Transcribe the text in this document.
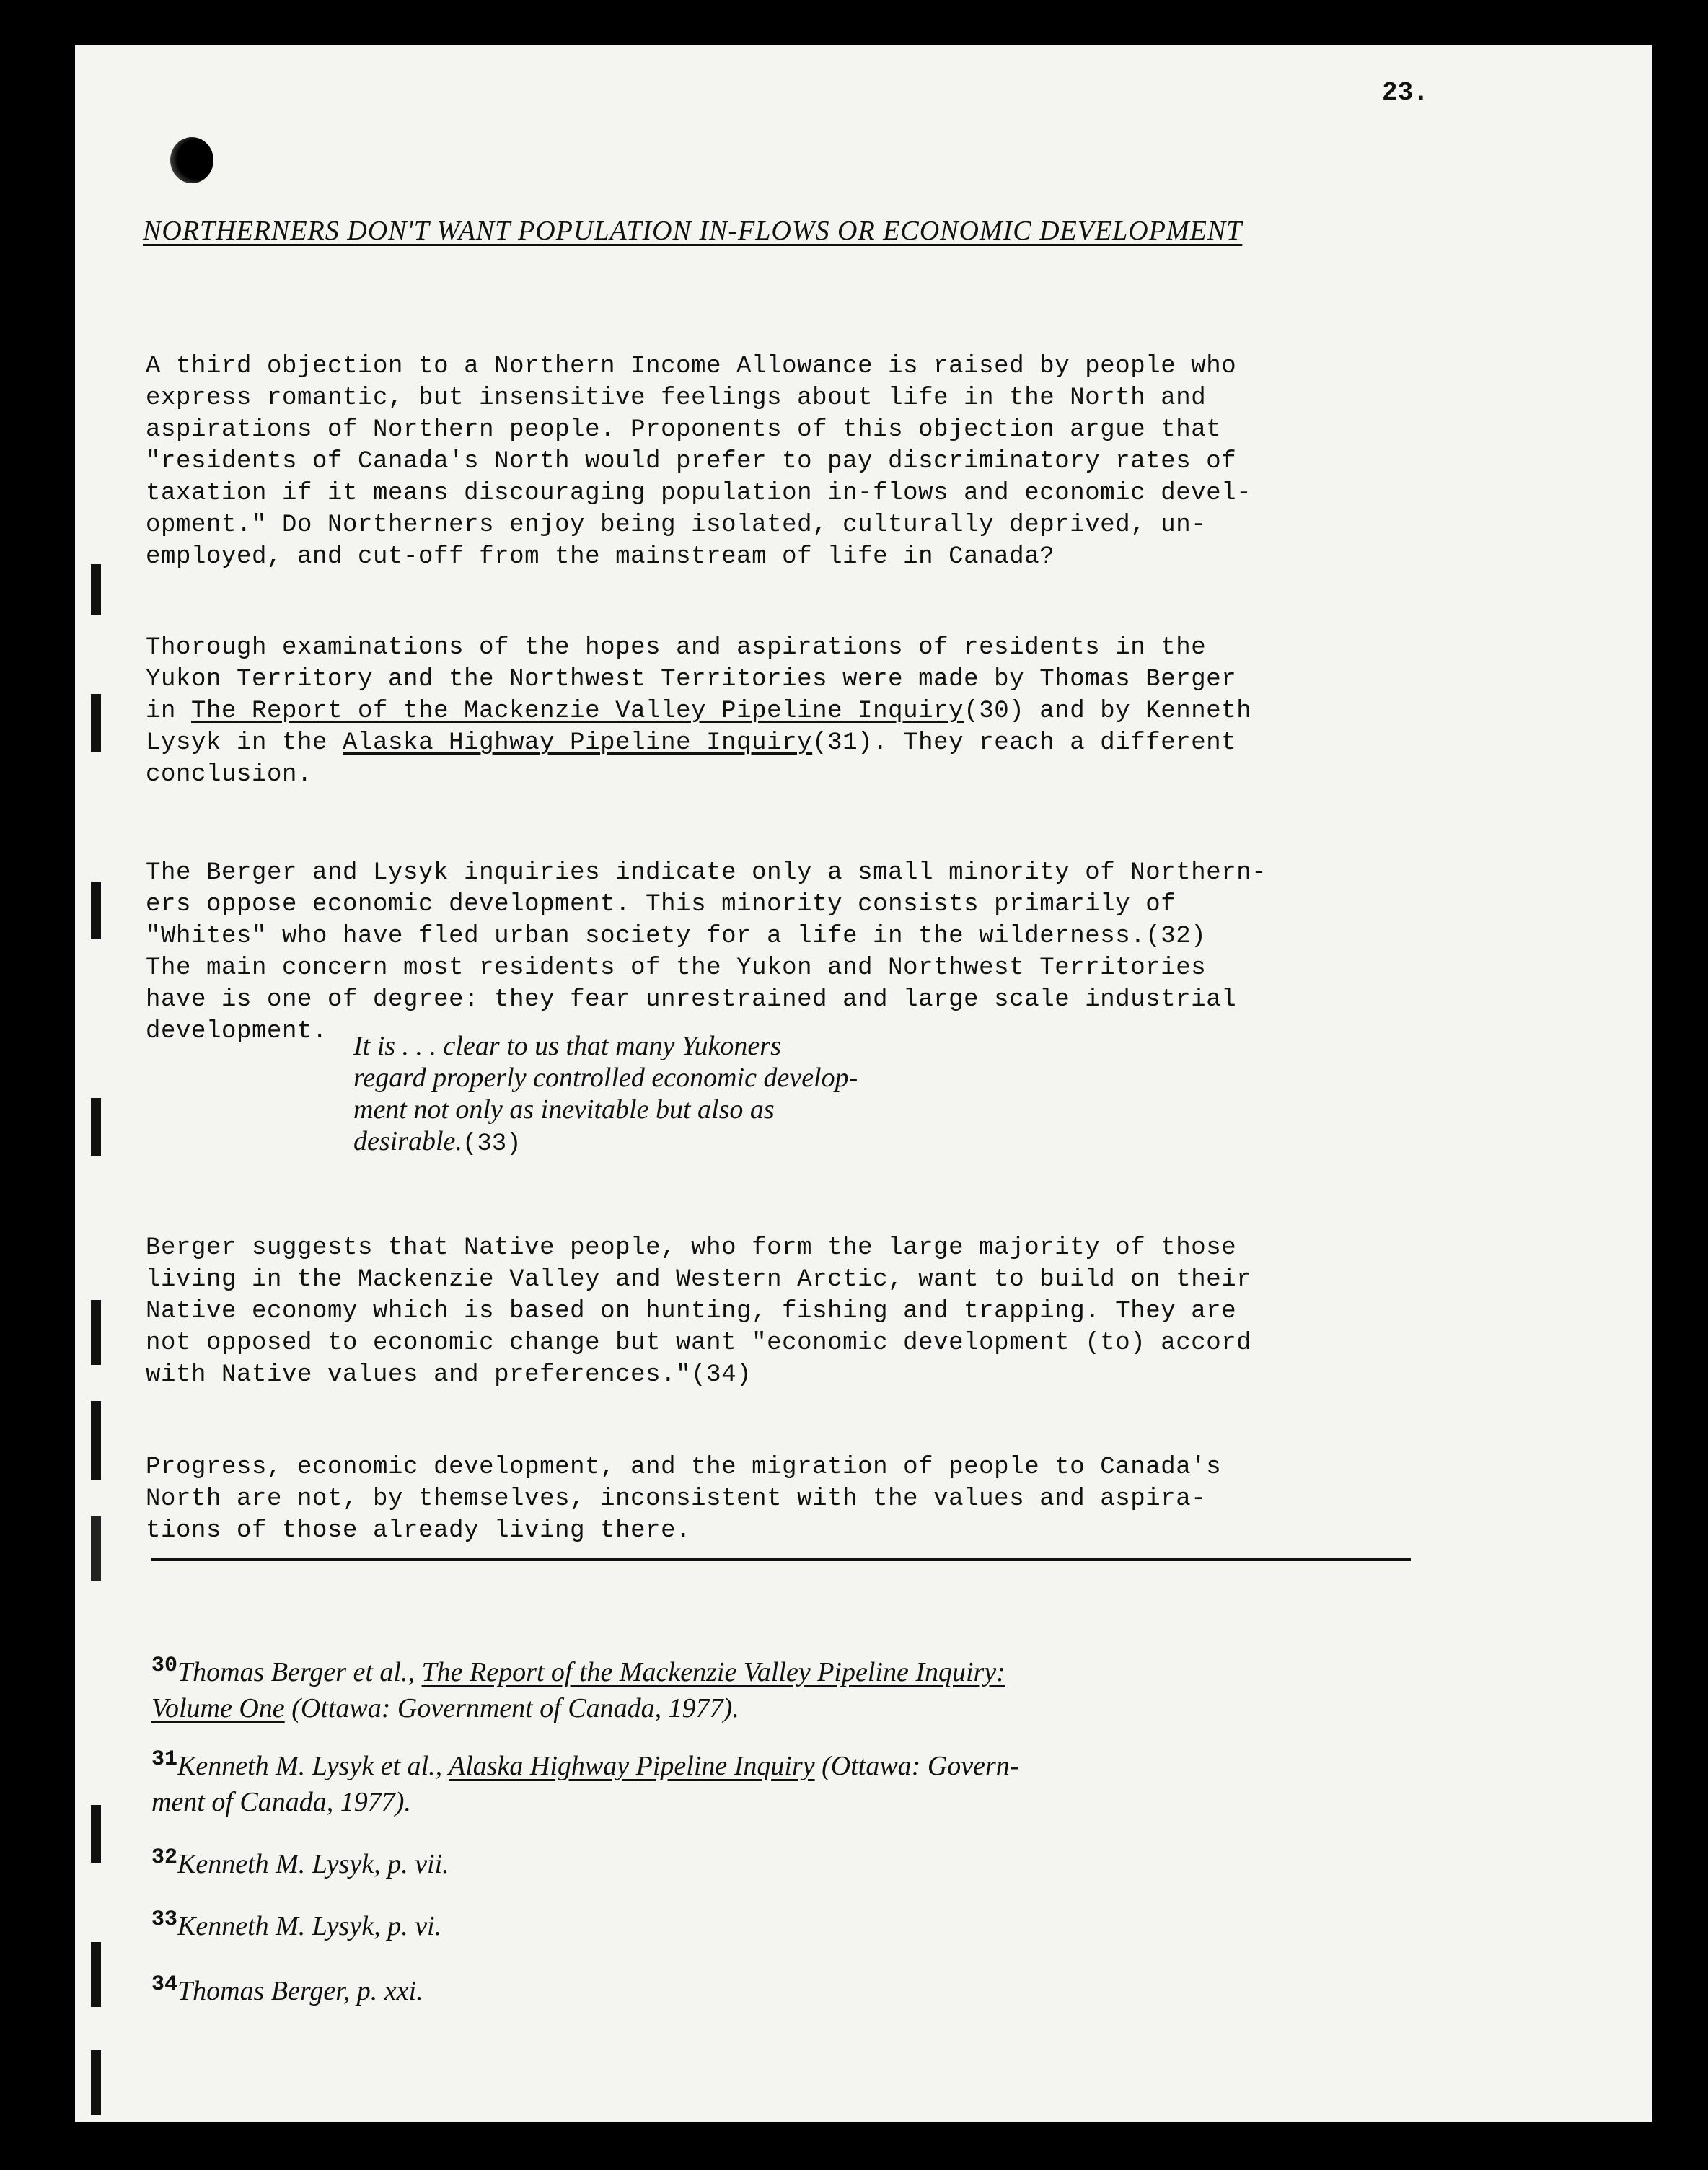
23.
NORTHERNERS DON'T WANT POPULATION IN-FLOWS OR ECONOMIC DEVELOPMENT

A third objection to a Northern Income Allowance is raised by people who
express romantic, but insensitive feelings about life in the North and
aspirations of Northern people. Proponents of this objection argue that
"residents of Canada's North would prefer to pay discriminatory rates of
taxation if it means discouraging population in-flows and economic devel-
opment." Do Northerners enjoy being isolated, culturally deprived, un-
employed, and cut-off from the mainstream of life in Canada?

Thorough examinations of the hopes and aspirations of residents in the
Yukon Territory and the Northwest Territories were made by Thomas Berger
in The Report of the Mackenzie Valley Pipeline Inquiry(30) and by Kenneth
Lysyk in the Alaska Highway Pipeline Inquiry(31). They reach a different
conclusion.

The Berger and Lysyk inquiries indicate only a small minority of Northern-
ers oppose economic development. This minority consists primarily of
"Whites" who have fled urban society for a life in the wilderness.(32)
The main concern most residents of the Yukon and Northwest Territories
have is one of degree: they fear unrestrained and large scale industrial
development. It is . . . clear to us that many Yukoners
regard properly controlled economic develop-
ment not only as inevitable but also as
desirable.(33)

Berger suggests that Native people, who form the large majority of those
living in the Mackenzie Valley and Western Arctic, want to build on their
Native economy which is based on hunting, fishing and trapping. They are
not opposed to economic change but want "economic development (to) accord
with Native values and preferences."(34)

Progress, economic development, and the migration of people to Canada's
North are not, by themselves, inconsistent with the values and aspira-
tions of those already living there.

$^{30}$Thomas Berger et al., The Report of the Mackenzie Valley Pipeline Inquiry:
Volume One (Ottawa: Government of Canada, 1977).

$^{31}$Kenneth M. Lysyk et al., Alaska Highway Pipeline Inquiry (Ottawa: Govern-
ment of Canada, 1977).

$^{32}$Kenneth M. Lysyk, p. vii.

$^{33}$Kenneth M. Lysyk, p. vi.

$^{34}$Thomas Berger, p. xxi.
